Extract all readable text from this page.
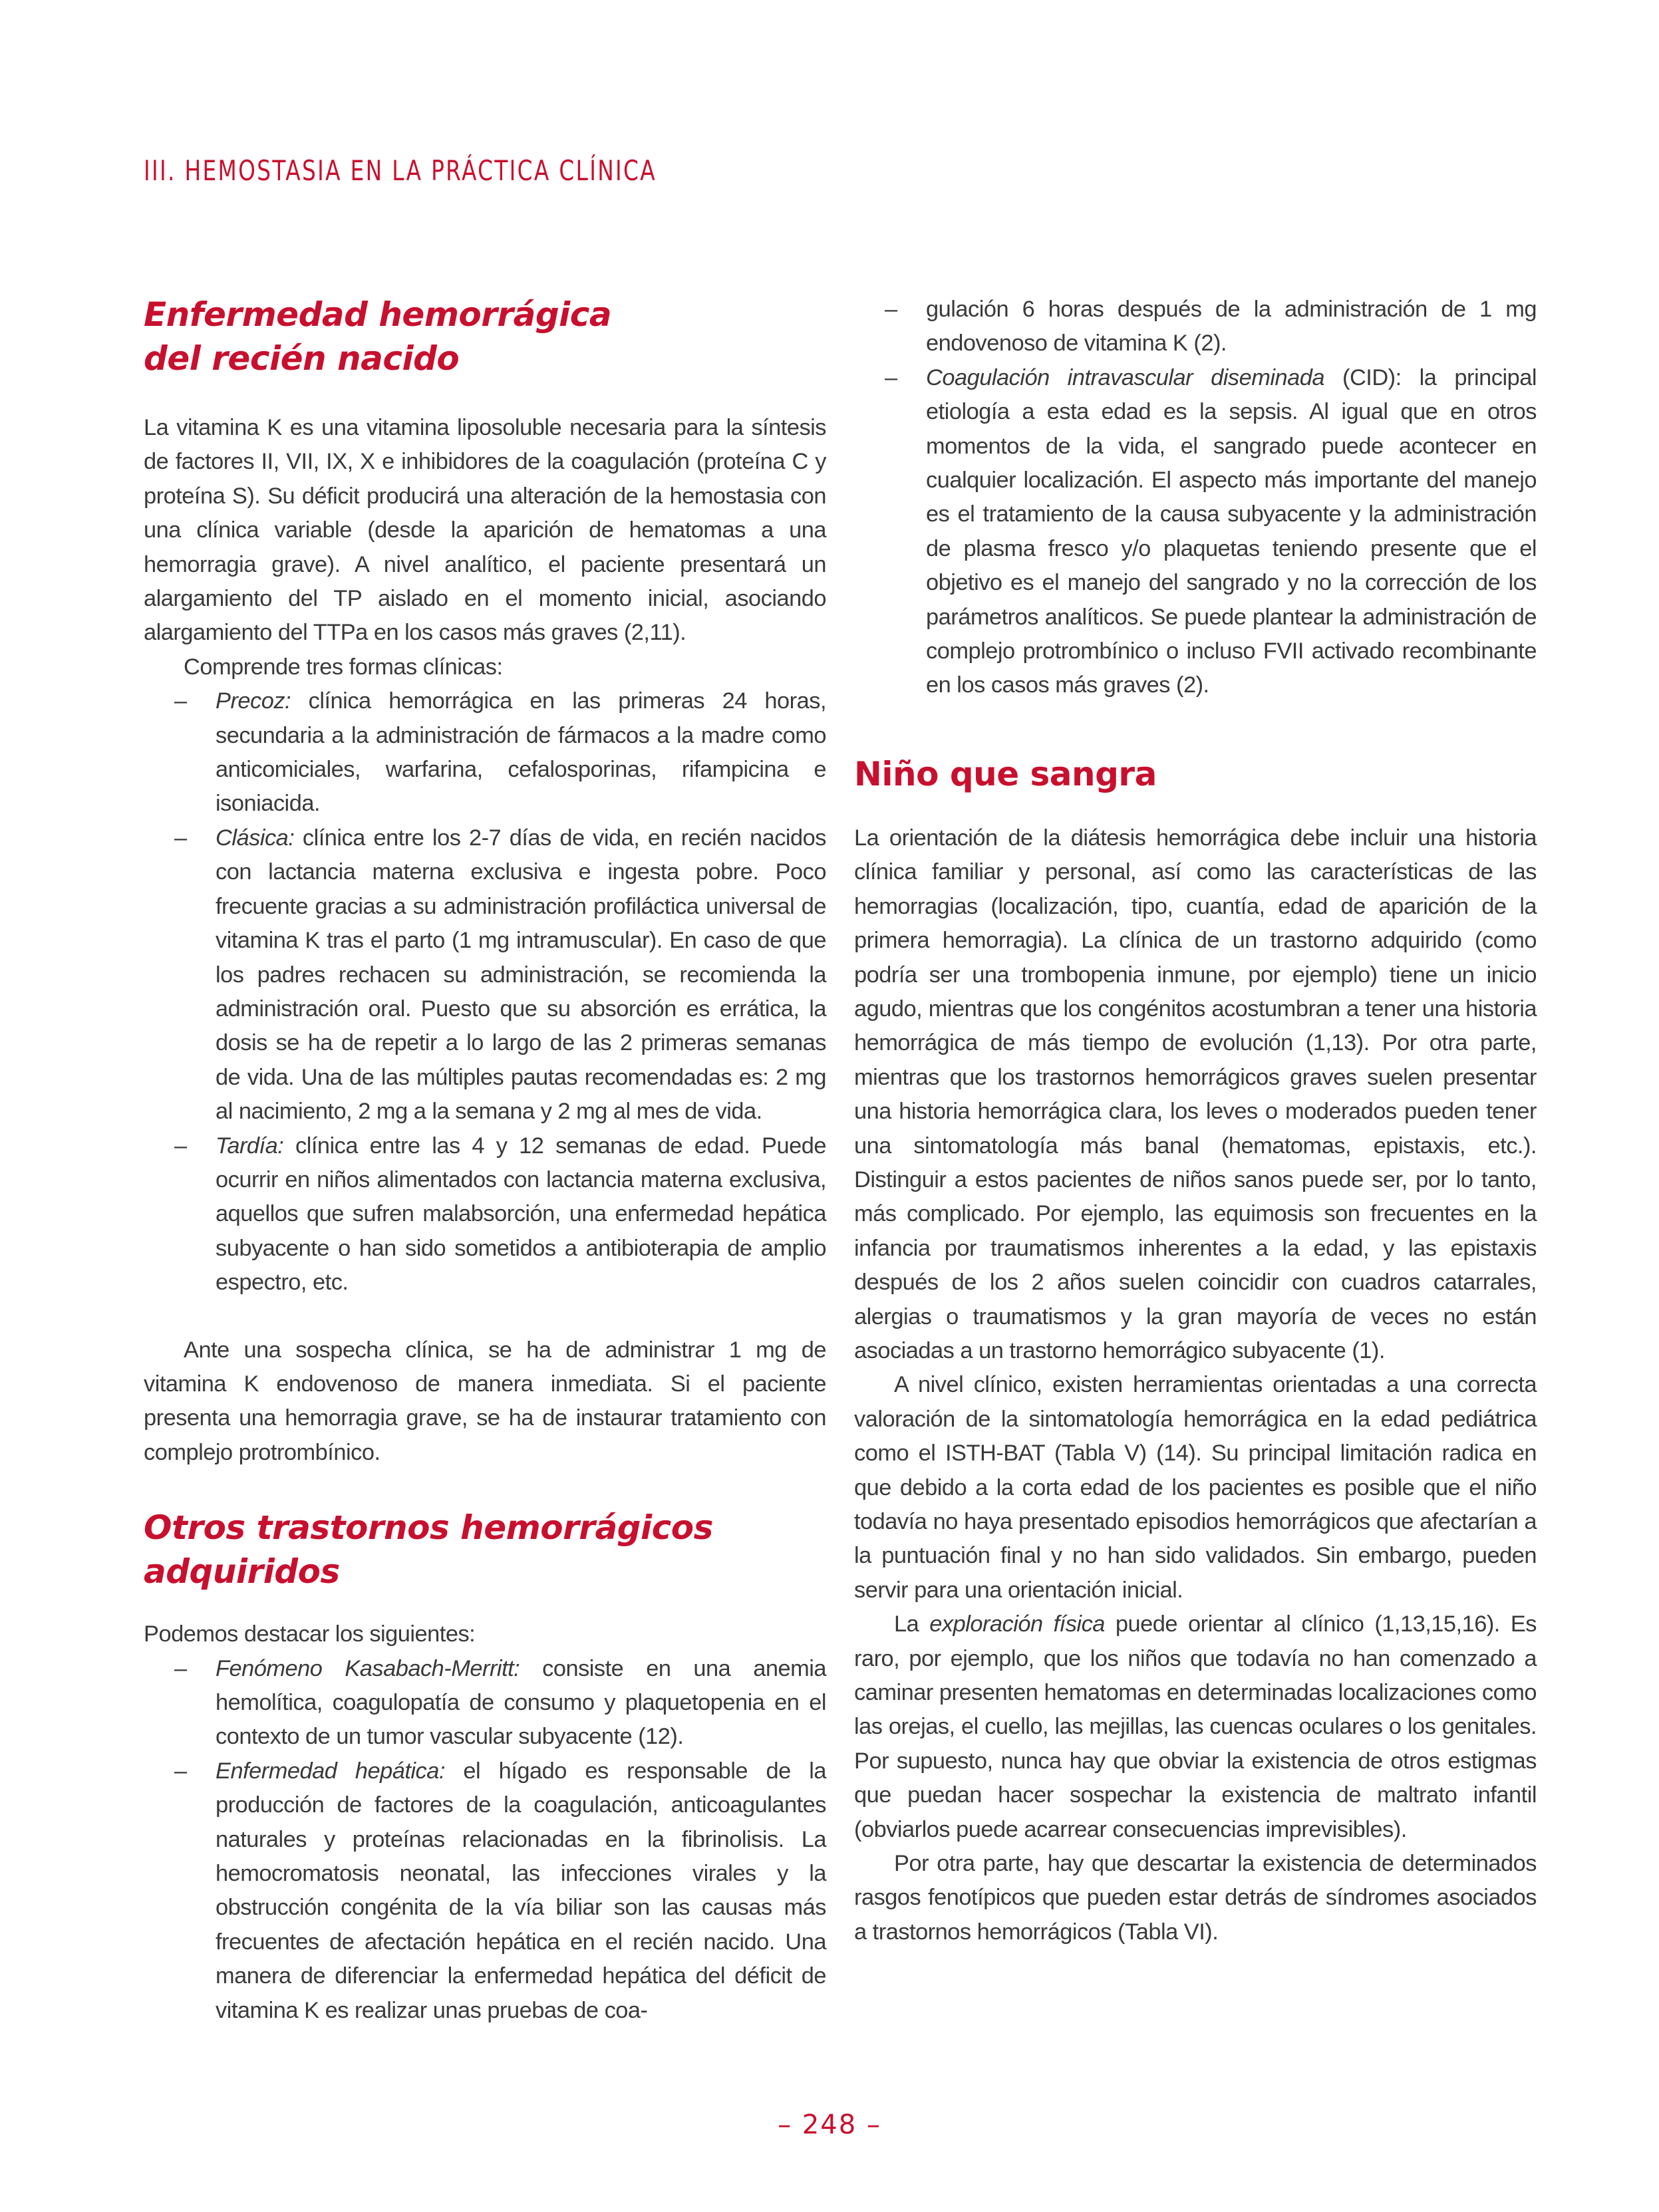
III. HEMOSTASIA EN LA PRÁCTICA CLÍNICA
Enfermedad hemorrágica
del recién nacido

La vitamina K es una vitamina liposoluble necesaria para la síntesis de factores II, VII, IX, X e inhibidores de la coagulación (proteína C y proteína S). Su déficit producirá una alteración de la hemostasia con una clínica variable (desde la aparición de hematomas a una hemorragia grave). A nivel analítico, el paciente presentará un alargamiento del TP aislado en el momento inicial, asociando alargamiento del TTPa en los casos más graves (2,11).

Comprende tres formas clínicas:

– Precoz: clínica hemorrágica en las primeras 24 horas, secundaria a la administración de fármacos a la madre como anticomiciales, warfarina, cefalosporinas, rifampicina e isoniacida.
– Clásica: clínica entre los 2-7 días de vida, en recién nacidos con lactancia materna exclusiva e ingesta pobre. Poco frecuente gracias a su administración profiláctica universal de vitamina K tras el parto (1 mg intramuscular). En caso de que los padres rechacen su administración, se recomienda la administración oral. Puesto que su absorción es errática, la dosis se ha de repetir a lo largo de las 2 primeras semanas de vida. Una de las múltiples pautas recomendadas es: 2 mg al nacimiento, 2 mg a la semana y 2 mg al mes de vida.
– Tardía: clínica entre las 4 y 12 semanas de edad. Puede ocurrir en niños alimentados con lactancia materna exclusiva, aquellos que sufren malabsorción, una enfermedad hepática subyacente o han sido sometidos a antibioterapia de amplio espectro, etc.

Ante una sospecha clínica, se ha de administrar 1 mg de vitamina K endovenoso de manera inmediata. Si el paciente presenta una hemorragia grave, se ha de instaurar tratamiento con complejo protrombínico.

Otros trastornos hemorrágicos
adquiridos

Podemos destacar los siguientes:

– Fenómeno Kasabach-Merritt: consiste en una anemia hemolítica, coagulopatía de consumo y plaquetopenia en el contexto de un tumor vascular subyacente (12).
– Enfermedad hepática: el hígado es responsable de la producción de factores de la coagulación, anticoagulantes naturales y proteínas relacionadas en la fibrinolisis. La hemocromatosis neonatal, las infecciones virales y la obstrucción congénita de la vía biliar son las causas más frecuentes de afectación hepática en el recién nacido. Una manera de diferenciar la enfermedad hepática del déficit de vitamina K es realizar unas pruebas de coa-
– gulación 6 horas después de la administración de 1 mg endovenoso de vitamina K (2).
– Coagulación intravascular diseminada (CID): la principal etiología a esta edad es la sepsis. Al igual que en otros momentos de la vida, el sangrado puede acontecer en cualquier localización. El aspecto más importante del manejo es el tratamiento de la causa subyacente y la administración de plasma fresco y/o plaquetas teniendo presente que el objetivo es el manejo del sangrado y no la corrección de los parámetros analíticos. Se puede plantear la administración de complejo protrombínico o incluso FVII activado recombinante en los casos más graves (2).
Niño que sangra

La orientación de la diátesis hemorrágica debe incluir una historia clínica familiar y personal, así como las características de las hemorragias (localización, tipo, cuantía, edad de aparición de la primera hemorragia). La clínica de un trastorno adquirido (como podría ser una trombopenia inmune, por ejemplo) tiene un inicio agudo, mientras que los congénitos acostumbran a tener una historia hemorrágica de más tiempo de evolución (1,13). Por otra parte, mientras que los trastornos hemorrágicos graves suelen presentar una historia hemorrágica clara, los leves o moderados pueden tener una sintomatología más banal (hematomas, epistaxis, etc.). Distinguir a estos pacientes de niños sanos puede ser, por lo tanto, más complicado. Por ejemplo, las equimosis son frecuentes en la infancia por traumatismos inherentes a la edad, y las epistaxis después de los 2 años suelen coincidir con cuadros catarrales, alergias o traumatismos y la gran mayoría de veces no están asociadas a un trastorno hemorrágico subyacente (1).

A nivel clínico, existen herramientas orientadas a una correcta valoración de la sintomatología hemorrágica en la edad pediátrica como el ISTH-BAT (Tabla V) (14). Su principal limitación radica en que debido a la corta edad de los pacientes es posible que el niño todavía no haya presentado episodios hemorrágicos que afectarían a la puntuación final y no han sido validados. Sin embargo, pueden servir para una orientación inicial.

La exploración física puede orientar al clínico (1,13,15,16). Es raro, por ejemplo, que los niños que todavía no han comenzado a caminar presenten hematomas en determinadas localizaciones como las orejas, el cuello, las mejillas, las cuencas oculares o los genitales. Por supuesto, nunca hay que obviar la existencia de otros estigmas que puedan hacer sospechar la existencia de maltrato infantil (obviarlos puede acarrear consecuencias imprevisibles).

Por otra parte, hay que descartar la existencia de determinados rasgos fenotípicos que pueden estar detrás de síndromes asociados a trastornos hemorrágicos (Tabla VI).

– 248 –
